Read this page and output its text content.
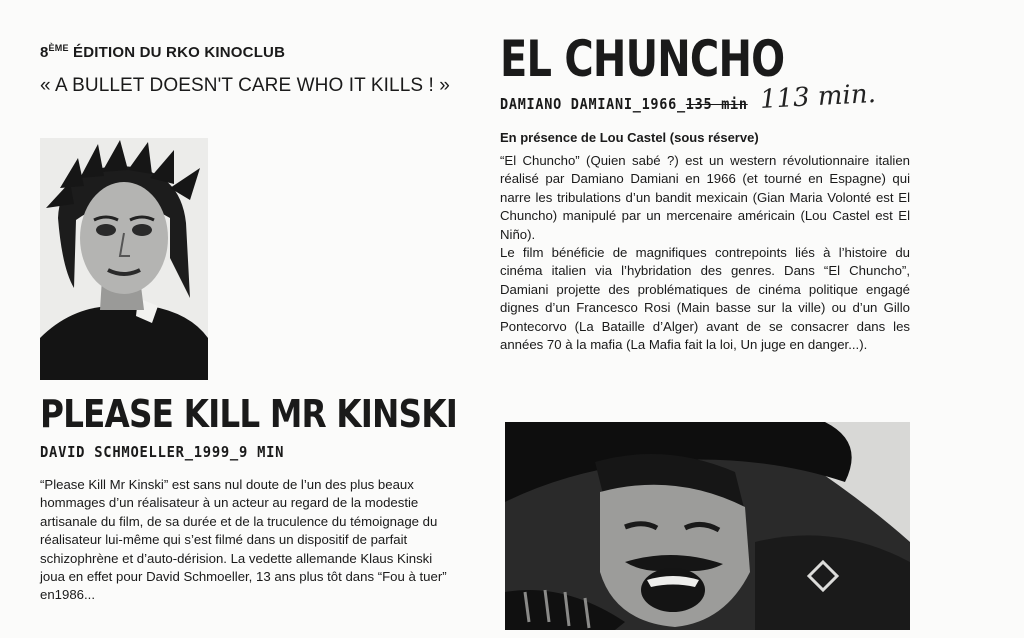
8ÈME ÉDITION DU RKO KINOCLUB
« A BULLET DOESN'T CARE WHO IT KILLS ! »
PLEASE KILL MR KINSKI
DAVID SCHMOELLER_1999_9 MIN

“Please Kill Mr Kinski” est sans nul doute de l’un des plus beaux hommages d’un réalisateur à un acteur au regard de la modestie artisanale du film, de sa durée et de la truculence du témoignage du réalisateur lui-même qui s’est filmé dans un dispositif de parfait schizophrène et d’auto-dérision. La vedette allemande Klaus Kinski joua en effet pour David Schmoeller, 13 ans plus tôt dans “Fou à tuer” en1986...

EL CHUNCHO
DAMIANO DAMIANI_1966_135 min 113 min.
En présence de Lou Castel (sous réserve)

“El Chuncho” (Quien sabé ?) est un western révolutionnaire italien réalisé par Damiano Damiani en 1966 (et tourné en Espagne) qui narre les tribulations d’un bandit mexicain (Gian Maria Volonté est El Chuncho) manipulé par un mercenaire américain (Lou Castel est El Niño).

Le film bénéficie de magnifiques contrepoints liés à l’histoire du cinéma italien via l’hybridation des genres. Dans “El Chuncho”, Damiani projette des problématiques de cinéma politique engagé dignes d’un Francesco Rosi (Main basse sur la ville) ou d’un Gillo Pontecorvo (La Bataille d’Alger) avant de se consacrer dans les années 70 à la mafia (La Mafia fait la loi, Un juge en danger...).
